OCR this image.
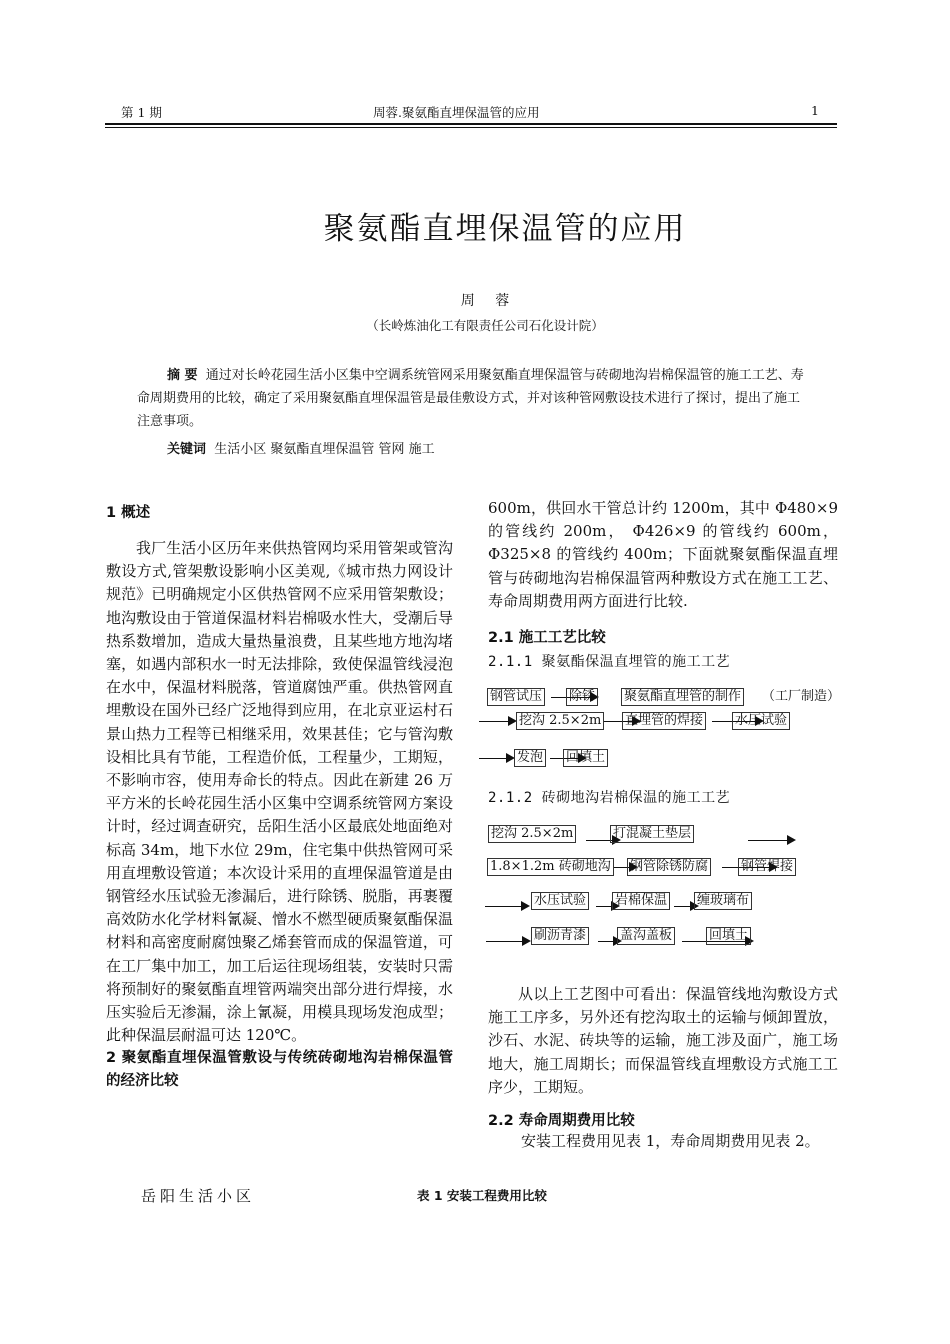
第 1 期	周蓉.聚氨酯直埋保温管的应用	1
聚氨酯直埋保温管的应用
周 蓉
（长岭炼油化工有限责任公司石化设计院）
摘 要 通过对长岭花园生活小区集中空调系统管网采用聚氨酯直埋保温管与砖砌地沟岩棉保温管的施工工艺、寿命周期费用的比较，确定了采用聚氨酯直埋保温管是最佳敷设方式，并对该种管网敷设技术进行了探讨，提出了施工注意事项。
关键词 生活小区 聚氨酯直埋保温管 管网 施工
1 概述

我厂生活小区历年来供热管网均采用管架或管沟敷设方式,管架敷设影响小区美观,《城市热力网设计规范》已明确规定小区供热管网不应采用管架敷设；地沟敷设由于管道保温材料岩棉吸水性大，受潮后导热系数增加，造成大量热量浪费，且某些地方地沟堵塞，如遇内部积水一时无法排除，致使保温管线浸泡在水中，保温材料脱落，管道腐蚀严重。供热管网直埋敷设在国外已经广泛地得到应用，在北京亚运村石景山热力工程等已相继采用，效果甚佳；它与管沟敷设相比具有节能，工程造价低，工程量少，工期短，不影响市容，使用寿命长的特点。因此在新建 26 万平方米的长岭花园生活小区集中空调系统管网方案设计时，经过调查研究，岳阳生活小区最底处地面绝对标高 34m，地下水位 29m，住宅集中供热管网可采用直埋敷设管道；本次设计采用的直埋保温管道是由钢管经水压试验无渗漏后，进行除锈、脱脂，再裹覆高效防水化学材料氰凝、憎水不燃型硬质聚氨酯保温材料和高密度耐腐蚀聚乙烯套管而成的保温管道，可在工厂集中加工，加工后运往现场组装，安装时只需将预制好的聚氨酯直埋管两端突出部分进行焊接，水压实验后无渗漏，涂上氰凝，用模具现场发泡成型；此种保温层耐温可达 120℃。

2 聚氨酯直埋保温管敷设与传统砖砌地沟岩棉保温管的经济比较
岳阳生活小区	表 1 安装工程费用比较
600m，供回水干管总计约 1200m，其中 Φ480×9 的管线约 200m， Φ426×9 的管线约 600m，Φ325×8 的管线约 400m；下面就聚氨酯保温直埋管与砖砌地沟岩棉保温管两种敷设方式在施工工艺、寿命周期费用两方面进行比较.
2.1 施工工艺比较
2.1.1 聚氨酯保温直埋管的施工工艺
钢管试压 除锈 聚氨酯直埋管的制作 （工厂制造）
挖沟 2.5×2m 直埋管的焊接 水压试验
发泡 回填土
2.1.2 砖砌地沟岩棉保温的施工工艺
挖沟 2.5×2m	打混凝土垫层
1.8×1.2m 砖砌地沟 钢管除锈防腐	钢管焊接
水压试验 岩棉保温 缠玻璃布
刷沥青漆	盖沟盖板	回填土

从以上工艺图中可看出：保温管线地沟敷设方式施工工序多，另外还有挖沟取土的运输与倾卸置放，沙石、水泥、砖块等的运输，施工涉及面广，施工场地大，施工周期长；而保温管线直埋敷设方式施工工序少，工期短。

2.2 寿命周期费用比较
安装工程费用见表 1，寿命周期费用见表 2。
